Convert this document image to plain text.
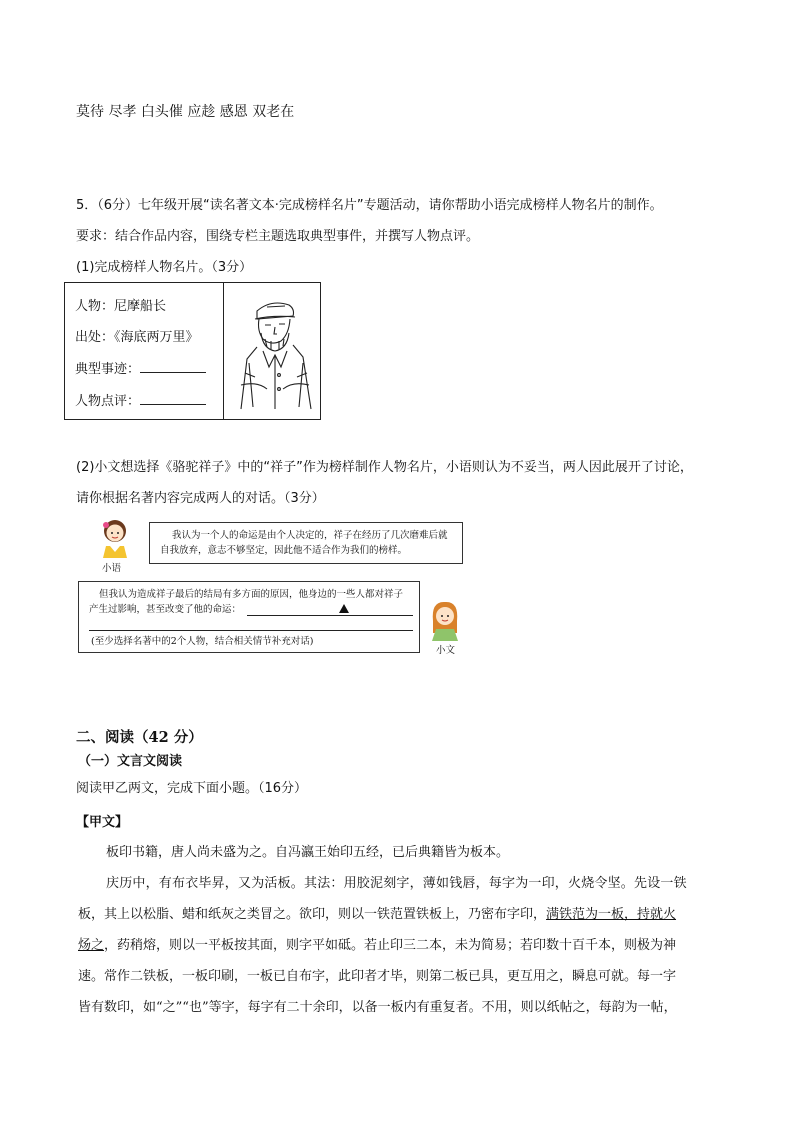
莫待 尽孝 白头催 应趁 感恩 双老在
5．（6分）七年级开展“读名著文本·完成榜样名片”专题活动，请你帮助小语完成榜样人物名片的制作。
要求：结合作品内容，围绕专栏主题选取典型事件，并撰写人物点评。
(1)完成榜样人物名片。（3分）
人物：尼摩船长
出处：《海底两万里》
典型事迹：
人物点评：
(2)小文想选择《骆驼祥子》中的“祥子”作为榜样制作人物名片，小语则认为不妥当，两人因此展开了讨论，
请你根据名著内容完成两人的对话。（3分）
小语
我认为一个人的命运是由个人决定的，祥子在经历了几次磨难后就
自我放弃，意志不够坚定，因此他不适合作为我们的榜样。
但我认为造成祥子最后的结局有多方面的原因，他身边的一些人都对祥子
产生过影响，甚至改变了他的命运：
(至少选择名著中的2个人物，结合相关情节补充对话)
小文
二、阅读（42 分）
（一）文言文阅读
阅读甲乙两文，完成下面小题。（16分）
【甲文】
板印书籍，唐人尚未盛为之。自冯瀛王始印五经，已后典籍皆为板本。
庆历中，有布衣毕昇，又为活板。其法：用胶泥刻字，薄如钱唇，每字为一印，火烧令坚。先设一铁
板，其上以松脂、蜡和纸灰之类冒之。欲印，则以一铁范置铁板上，乃密布字印，满铁范为一板，持就火
炀之，药稍熔，则以一平板按其面，则字平如砥。若止印三二本，未为简易；若印数十百千本，则极为神
速。常作二铁板，一板印刷，一板已自布字，此印者才毕，则第二板已具，更互用之，瞬息可就。每一字
皆有数印，如“之”“也”等字，每字有二十余印，以备一板内有重复者。不用，则以纸帖之，每韵为一帖，
